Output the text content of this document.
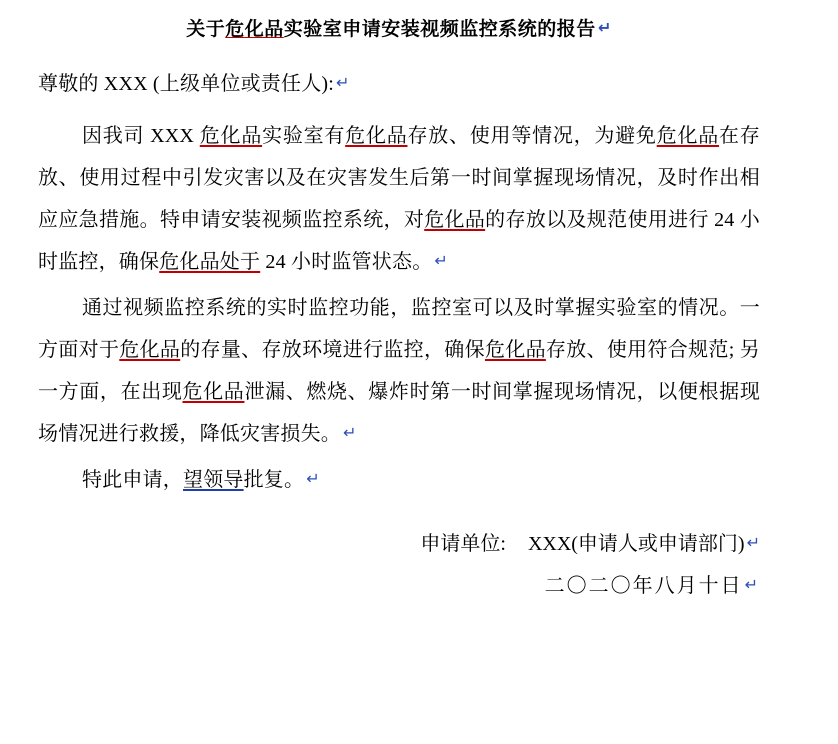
关于危化品实验室申请安装视频监控系统的报告 ↵

尊敬的 XXX (上级单位或责任人): ↵

因我司 XXX 危化品实验室有危化品存放、使用等情况，为避免危化品在存放、使用过程中引发灾害以及在灾害发生后第一时间掌握现场情况，及时作出相应应急措施。特申请安装视频监控系统，对危化品的存放以及规范使用进行 24 小时监控，确保危化品处于 24 小时监管状态。 ↵

通过视频监控系统的实时监控功能，监控室可以及时掌握实验室的情况。一方面对于危化品的存量、存放环境进行监控，确保危化品存放、使用符合规范; 另一方面，在出现危化品泄漏、燃烧、爆炸时第一时间掌握现场情况，以便根据现场情况进行救援，降低灾害损失。 ↵

特此申请，望领导批复。 ↵

申请单位: XXX(申请人或申请部门) ↵
二〇二〇年八月十日 ↵
